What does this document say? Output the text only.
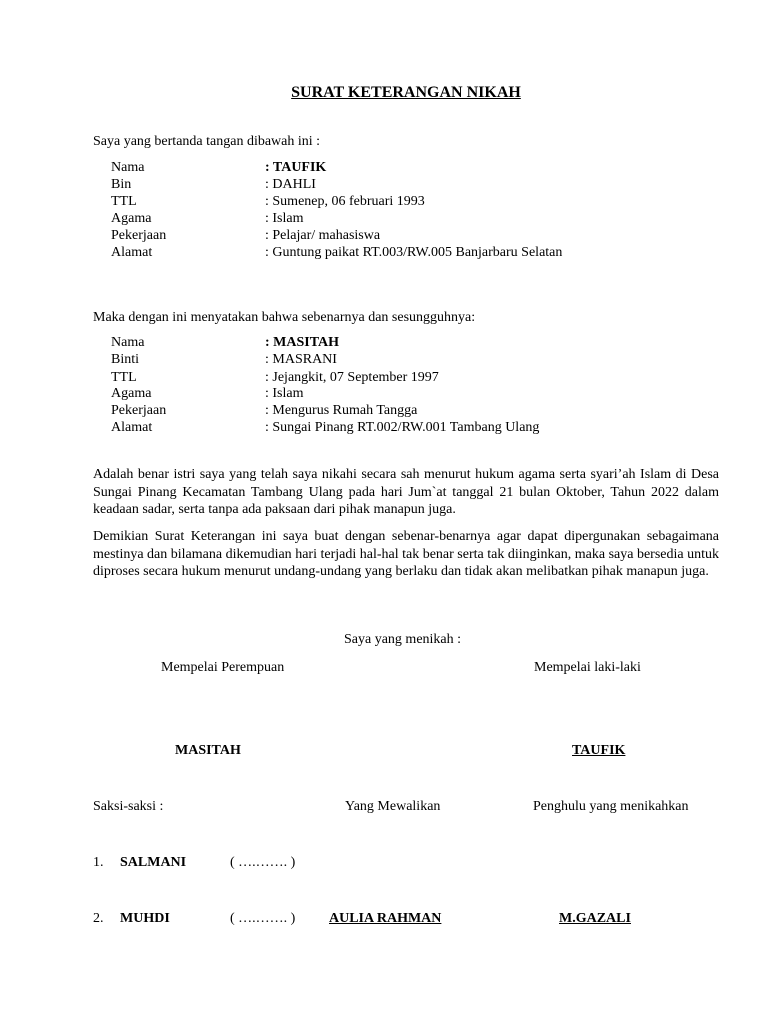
SURAT KETERANGAN NIKAH
Saya yang bertanda tangan dibawah ini :
Nama	: TAUFIK
Bin	: DAHLI
TTL	: Sumenep, 06 februari 1993
Agama	: Islam
Pekerjaan	: Pelajar/ mahasiswa
Alamat	: Guntung paikat RT.003/RW.005 Banjarbaru Selatan
Maka dengan ini menyatakan bahwa sebenarnya dan sesungguhnya:
Nama	: MASITAH
Binti	: MASRANI
TTL	: Jejangkit, 07 September 1997
Agama	: Islam
Pekerjaan	: Mengurus Rumah Tangga
Alamat	: Sungai Pinang RT.002/RW.001 Tambang Ulang
Adalah benar istri saya yang telah saya nikahi secara sah menurut hukum agama serta syari’ah Islam di Desa Sungai Pinang Kecamatan Tambang Ulang pada hari Jum`at tanggal 21 bulan Oktober, Tahun 2022 dalam keadaan sadar, serta tanpa ada paksaan dari pihak manapun juga.
Demikian Surat Keterangan ini saya buat dengan sebenar-benarnya agar dapat dipergunakan sebagaimana mestinya dan bilamana dikemudian hari terjadi hal-hal tak benar serta tak diinginkan, maka saya bersedia untuk diproses secara hukum menurut undang-undang yang berlaku dan tidak akan melibatkan pihak manapun juga.
Saya yang menikah :
Mempelai Perempuan	Mempelai laki-laki
MASITAH	TAUFIK
Saksi-saksi :	Yang Mewalikan	Penghulu yang menikahkan
1. SALMANI	( ….……. )
2. MUHDI	( ….……. ) AULIA RAHMAN	M.GAZALI
